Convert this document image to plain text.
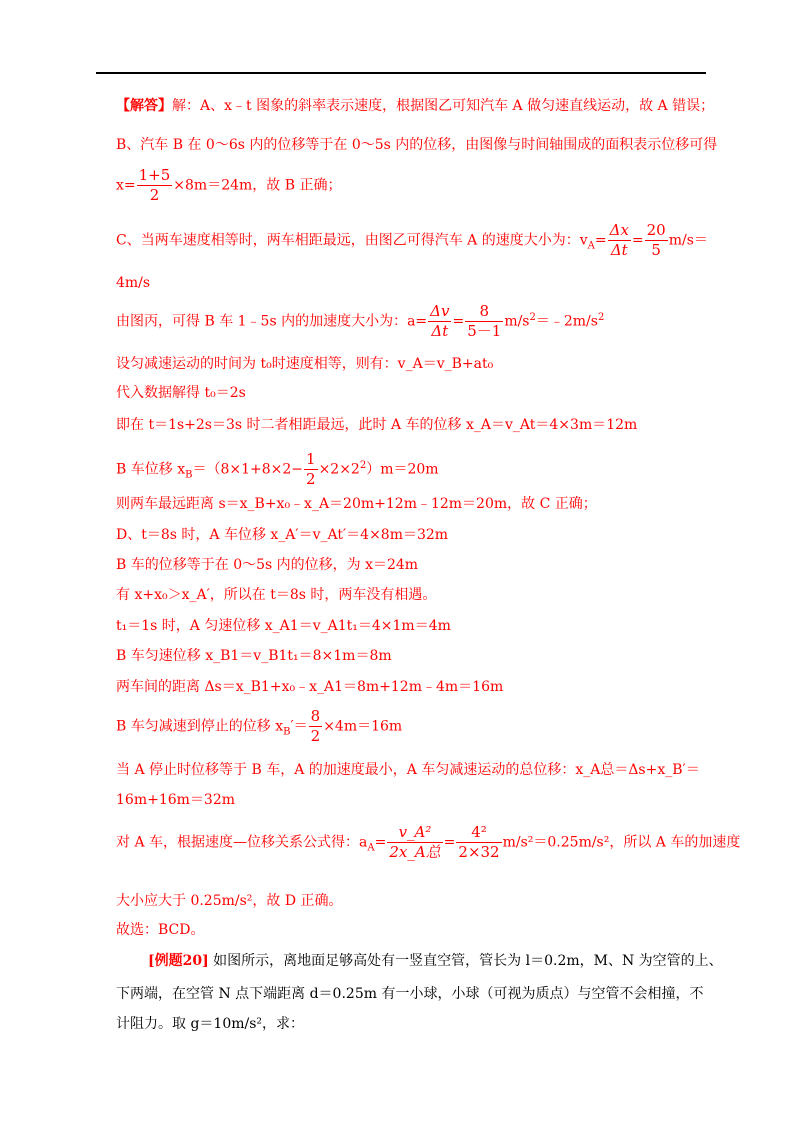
【解答】解：A、x﹣t 图象的斜率表示速度，根据图乙可知汽车 A 做匀速直线运动，故 A 错误；
B、汽车 B 在 0～6s 内的位移等于在 0～5s 内的位移，由图像与时间轴围成的面积表示位移可得
$x= \frac{1+5}{2} \times 8m=24m$，故 B 正确；
C、当两车速度相等时，两车相距最远，由图乙可得汽车 A 的速度大小为：$v_A= \frac{\Delta x}{\Delta t} = \frac{20}{5} m/s=$
4m/s
由图丙，可得 B 车 1﹣5s 内的加速度大小为：$a= \frac{\Delta v}{\Delta t} = \frac{8}{5-1}$ $m/s^2=﹣2m/s^2$
设匀减速运动的时间为 t₀时速度相等，则有：v_A＝v_B+at₀
代入数据解得 t₀＝2s
即在 t＝1s+2s＝3s 时二者相距最远，此时 A 车的位移 x_A＝v_At＝4×3m＝12m
B 车位移 $x_B=(8\times 1+8\times 2- \frac{1}{2} \times 2\times 2^2)m=20m$
则两车最远距离 s＝x_B+x₀﹣x_A＝20m+12m﹣12m＝20m，故 C 正确；
D、t＝8s 时，A 车位移 x_A′＝v_At′＝4×8m＝32m
B 车的位移等于在 0～5s 内的位移，为 x＝24m
有 x+x₀＞x_A′，所以在 t＝8s 时，两车没有相遇。
t₁＝1s 时，A 匀速位移 x_A1＝v_A1t₁＝4×1m＝4m
B 车匀速位移 x_B1＝v_B1t₁＝8×1m＝8m
两车间的距离 Δs＝x_B1+x₀﹣x_A1＝8m+12m﹣4m＝16m
B 车匀减速到停止的位移 $x_B'= \frac{8}{2} \times 4m=16m$
当 A 停止时位移等于 B 车，A 的加速度最小，A 车匀减速运动的总位移：x_A总＝Δs+x_B′＝
16m+16m＝32m
对 A 车，根据速度—位移关系公式得：$a_A= \frac{\text{v\_A²}}{\text{2x\_A总}} = \frac{\text{4²}}{2\times 32} m/s^2=0.25m/s^2$，所以 A 车的加速度
大小应大于 0.25m/s²，故 D 正确。
故选：BCD。
[例题20] 如图所示，离地面足够高处有一竖直空管，管长为 l＝0.2m，M、N 为空管的上、
下两端，在空管 N 点下端距离 d＝0.25m 有一小球，小球（可视为质点）与空管不会相撞，不
计阻力。取 g＝10m/s²，求：
